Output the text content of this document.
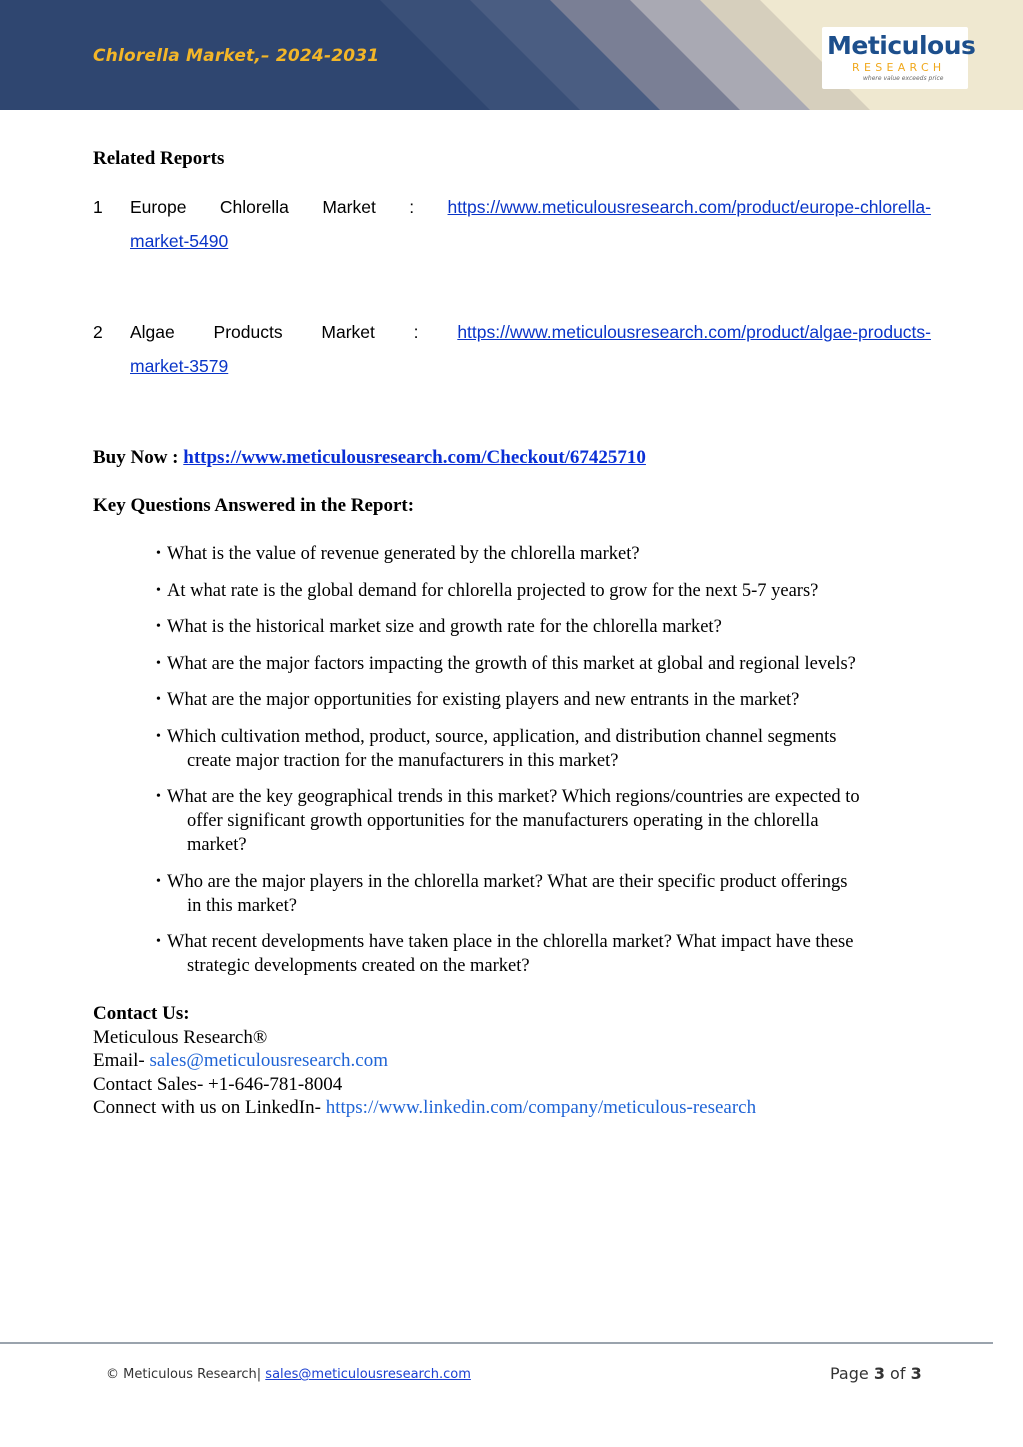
Chlorella Market,– 2024-2031	Meticulous
RESEARCH
where value exceeds price
Related Reports
1 Europe Chlorella Market : https://www.meticulousresearch.com/product/europe-chlorella-
market-5490
2 Algae Products Market : https://www.meticulousresearch.com/product/algae-products-
market-3579
Buy Now : https://www.meticulousresearch.com/Checkout/67425710
Key Questions Answered in the Report:
• What is the value of revenue generated by the chlorella market?
• At what rate is the global demand for chlorella projected to grow for the next 5-7 years?
• What is the historical market size and growth rate for the chlorella market?
• What are the major factors impacting the growth of this market at global and regional levels?
• What are the major opportunities for existing players and new entrants in the market?
• Which cultivation method, product, source, application, and distribution channel segments
create major traction for the manufacturers in this market?
• What are the key geographical trends in this market? Which regions/countries are expected to
offer significant growth opportunities for the manufacturers operating in the chlorella
market?
• Who are the major players in the chlorella market? What are their specific product offerings
in this market?
• What recent developments have taken place in the chlorella market? What impact have these
strategic developments created on the market?
Contact Us:
Meticulous Research®
Email- sales@meticulousresearch.com
Contact Sales- +1-646-781-8004
Connect with us on LinkedIn- https://www.linkedin.com/company/meticulous-research
© Meticulous Research| sales@meticulousresearch.com	Page 3 of 3
